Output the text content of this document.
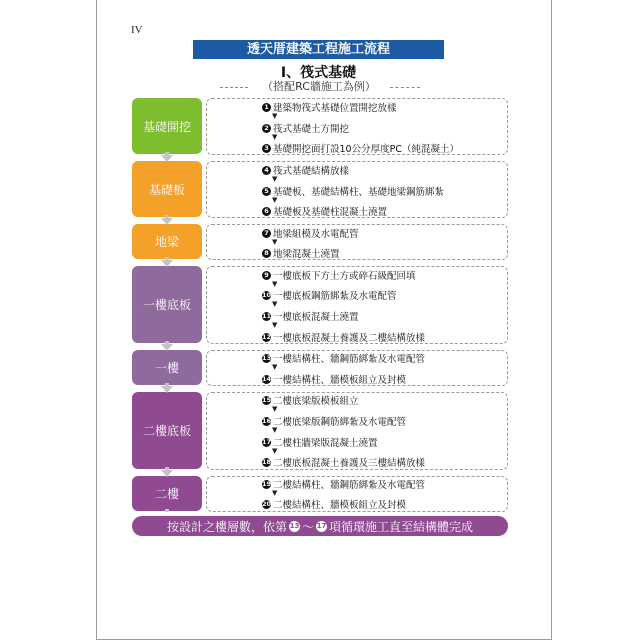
IV
透天厝建築工程施工流程
I、筏式基礎
（搭配RC牆施工為例）
基礎開挖
基礎板
地梁
一樓底板
一樓
二樓底板
二樓
1 建築物筏式基礎位置開挖放樣
▼
2 筏式基礎土方開挖
▼
3 基礎開挖面打設10公分厚度PC（純混凝土）
4 筏式基礎結構放樣
▼
5 基礎板、基礎結構柱、基礎地梁鋼筋綁紮
▼
6 基礎板及基礎柱混凝土澆置
7 地梁組模及水電配管
▼
8 地梁混凝土澆置
9 一樓底板下方土方或碎石級配回填
▼
10 一樓底板鋼筋綁紮及水電配管
▼
11 一樓底板混凝土澆置
▼
12 一樓底板混凝土養護及二樓結構放樣
13 一樓結構柱、牆鋼筋綁紮及水電配管
▼
14 一樓結構柱、牆模板組立及封模
15 二樓底梁版模板組立
▼
16 二樓底梁版鋼筋綁紮及水電配管
▼
17 二樓柱牆梁版混凝土澆置
▼
18 二樓底板混凝土養護及三樓結構放樣
19 二樓結構柱、牆鋼筋綁紮及水電配管
▼
20 二樓結構柱、牆模板組立及封模
按設計之樓層數，依第 13 ～ 17 項循環施工直至結構體完成
